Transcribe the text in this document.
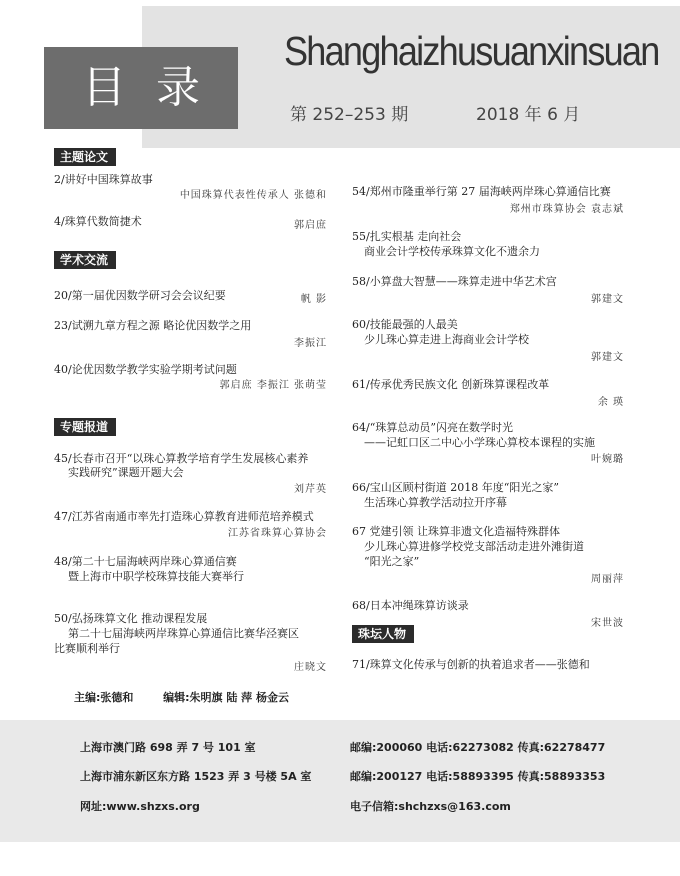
目录
Shanghaizhusuanxinsuan
第 252–253 期	2018 年 6 月
主题论文
2/讲好中国珠算故事
中国珠算代表性传承人 张德和
4/珠算代数简捷术	郭启庶
学术交流
20/第一届优因数学研习会会议纪要	帆 影
23/试溯九章方程之源 略论优因数学之用
李振江
40/论优因数学教学实验学期考试问题
郭启庶 李振江 张萌莹
专题报道
45/长春市召开“以珠心算教学培育学生发展核心素养
实践研究”课题开题大会
刘芹英
47/江苏省南通市率先打造珠心算教育进师范培养模式
江苏省珠算心算协会
48/第二十七届海峡两岸珠心算通信赛
暨上海市中职学校珠算技能大赛举行
50/弘扬珠算文化 推动课程发展
第二十七届海峡两岸珠算心算通信比赛华泾赛区
比赛顺利举行
庄晓文
54/郑州市隆重举行第 27 届海峡两岸珠心算通信比赛
郑州市珠算协会 袁志斌
55/扎实根基 走向社会
商业会计学校传承珠算文化不遗余力
58/小算盘大智慧——珠算走进中华艺术宫
郭建文
60/技能最强的人最美
少儿珠心算走进上海商业会计学校
郭建文
61/传承优秀民族文化 创新珠算课程改革
余 瑛
64/“珠算总动员”闪亮在数学时光
——记虹口区二中心小学珠心算校本课程的实施
叶婉璐
66/宝山区顾村街道 2018 年度“阳光之家”
生活珠心算教学活动拉开序幕
67 党建引领 让珠算非遗文化造福特殊群体
少儿珠心算进修学校党支部活动走进外滩街道
“阳光之家”
周丽萍
68/日本冲绳珠算访谈录
宋世波
珠坛人物
71/珠算文化传承与创新的执着追求者——张德和
主编:张德和	编辑:朱明旗 陆 萍 杨金云
上海市澳门路 698 弄 7 号 101 室	邮编:200060 电话:62273082 传真:62278477
上海市浦东新区东方路 1523 弄 3 号楼 5A 室	邮编:200127 电话:58893395 传真:58893353
网址:www.shzxs.org	电子信箱:shchzxs@163.com
